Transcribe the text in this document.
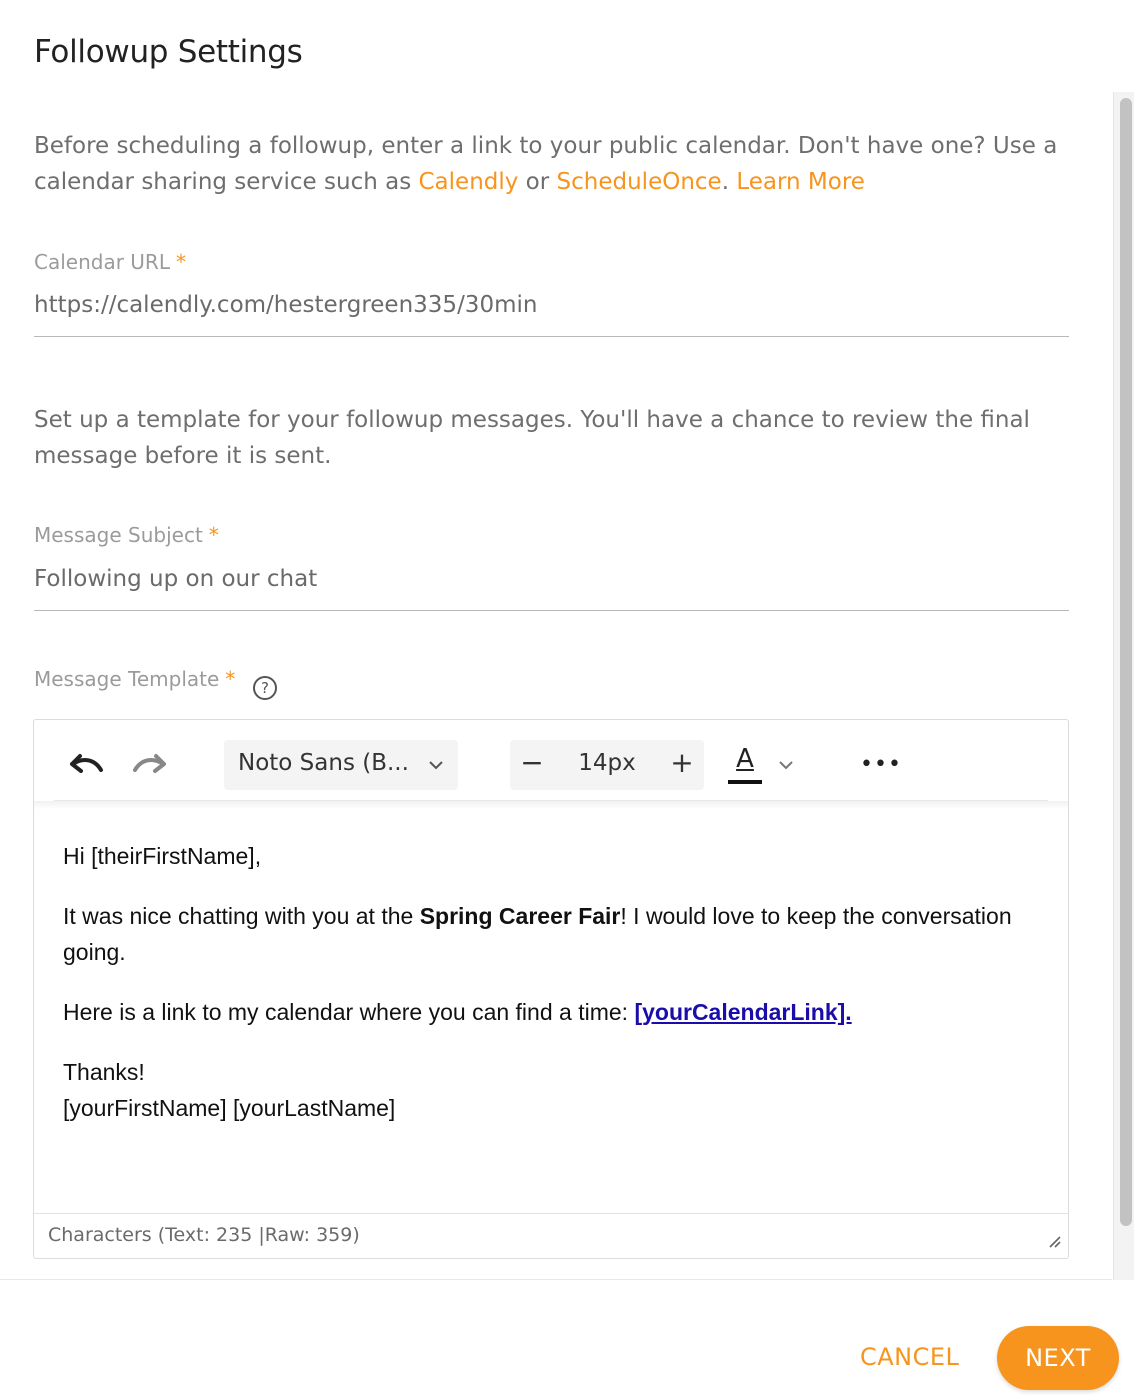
Followup Settings
Before scheduling a followup, enter a link to your public calendar. Don't have one? Use a calendar sharing service such as Calendly or ScheduleOnce. Learn More
Calendar URL *
https://calendly.com/hestergreen335/30min
Set up a template for your followup messages. You'll have a chance to review the final message before it is sent.
Message Subject *
Following up on our chat
Message Template *	?
Noto Sans (B...	−	14px +	A	•••

Hi [theirFirstName],

It was nice chatting with you at the Spring Career Fair! I would love to keep the conversation going.

Here is a link to my calendar where you can find a time: [yourCalendarLink].

Thanks!

[yourFirstName] [yourLastName]

Characters (Text: 235 |Raw: 359)
CANCEL	NEXT
